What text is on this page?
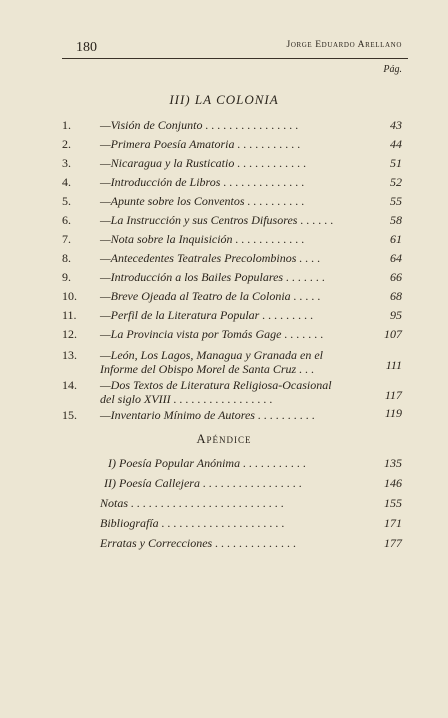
180	Jorge Eduardo Arellano
Pág.
III) LA COLONIA
1.	—Visión de Conjunto . . . . . . . . . . . . . . . .	43
2.	—Primera Poesía Amatoria . . . . . . . . . . .	44
3.	—Nicaragua y la Rusticatio . . . . . . . . . . . .	51
4.	—Introducción de Libros . . . . . . . . . . . . . .	52
5.	—Apunte sobre los Conventos . . . . . . . . . .	55
6.	—La Instrucción y sus Centros Difusores . . . . . .	58
7.	—Nota sobre la Inquisición . . . . . . . . . . . .	61
8.	—Antecedentes Teatrales Precolombinos . . . .	64
9.	—Introducción a los Bailes Populares . . . . . . .	66
10.	—Breve Ojeada al Teatro de la Colonia . . . . .	68
11.	—Perfil de la Literatura Popular . . . . . . . . .	95
12.	—La Provincia vista por Tomás Gage . . . . . . .	107
13.	—León, Los Lagos, Managua y Granada en el
Informe del Obispo Morel de Santa Cruz . . .	111
14.	—Dos Textos de Literatura Religiosa-Ocasional
del siglo XVIII . . . . . . . . . . . . . . . . .	117
15.	—Inventario Mínimo de Autores . . . . . . . . . .	119
Apéndice
I) Poesía Popular Anónima . . . . . . . . . . .	135
II) Poesía Callejera . . . . . . . . . . . . . . . . .	146
Notas . . . . . . . . . . . . . . . . . . . . . . . . . .	155
Bibliografía . . . . . . . . . . . . . . . . . . . . .	171
Erratas y Correcciones . . . . . . . . . . . . . .	177
